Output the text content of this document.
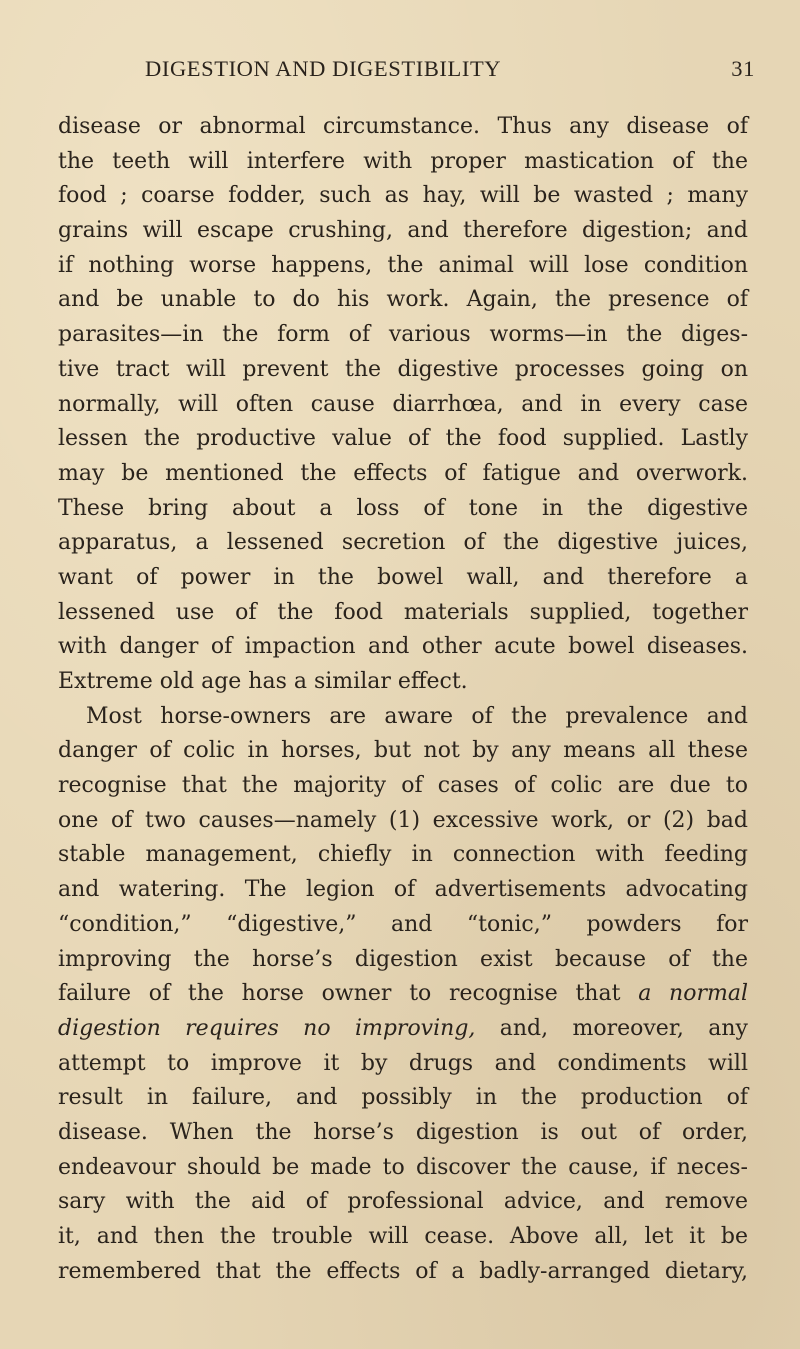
DIGESTION AND DIGESTIBILITY	31
disease or abnormal circumstance. Thus any disease of
the teeth will interfere with proper mastication of the
food ; coarse fodder, such as hay, will be wasted ; many
grains will escape crushing, and therefore digestion; and
if nothing worse happens, the animal will lose condition
and be unable to do his work. Again, the presence of
parasites—in the form of various worms—in the diges-
tive tract will prevent the digestive processes going on
normally, will often cause diarrhœa, and in every case
lessen the productive value of the food supplied. Lastly
may be mentioned the effects of fatigue and overwork.
These bring about a loss of tone in the digestive
apparatus, a lessened secretion of the digestive juices,
want of power in the bowel wall, and therefore a
lessened use of the food materials supplied, together
with danger of impaction and other acute bowel diseases.
Extreme old age has a similar effect.
Most horse-owners are aware of the prevalence and
danger of colic in horses, but not by any means all these
recognise that the majority of cases of colic are due to
one of two causes—namely (1) excessive work, or (2) bad
stable management, chiefly in connection with feeding
and watering. The legion of advertisements advocating
“condition,” “digestive,” and “tonic,” powders for
improving the horse’s digestion exist because of the
failure of the horse owner to recognise that a normal
digestion requires no improving, and, moreover, any
attempt to improve it by drugs and condiments will
result in failure, and possibly in the production of
disease. When the horse’s digestion is out of order,
endeavour should be made to discover the cause, if neces-
sary with the aid of professional advice, and remove
it, and then the trouble will cease. Above all, let it be
remembered that the effects of a badly-arranged dietary,
